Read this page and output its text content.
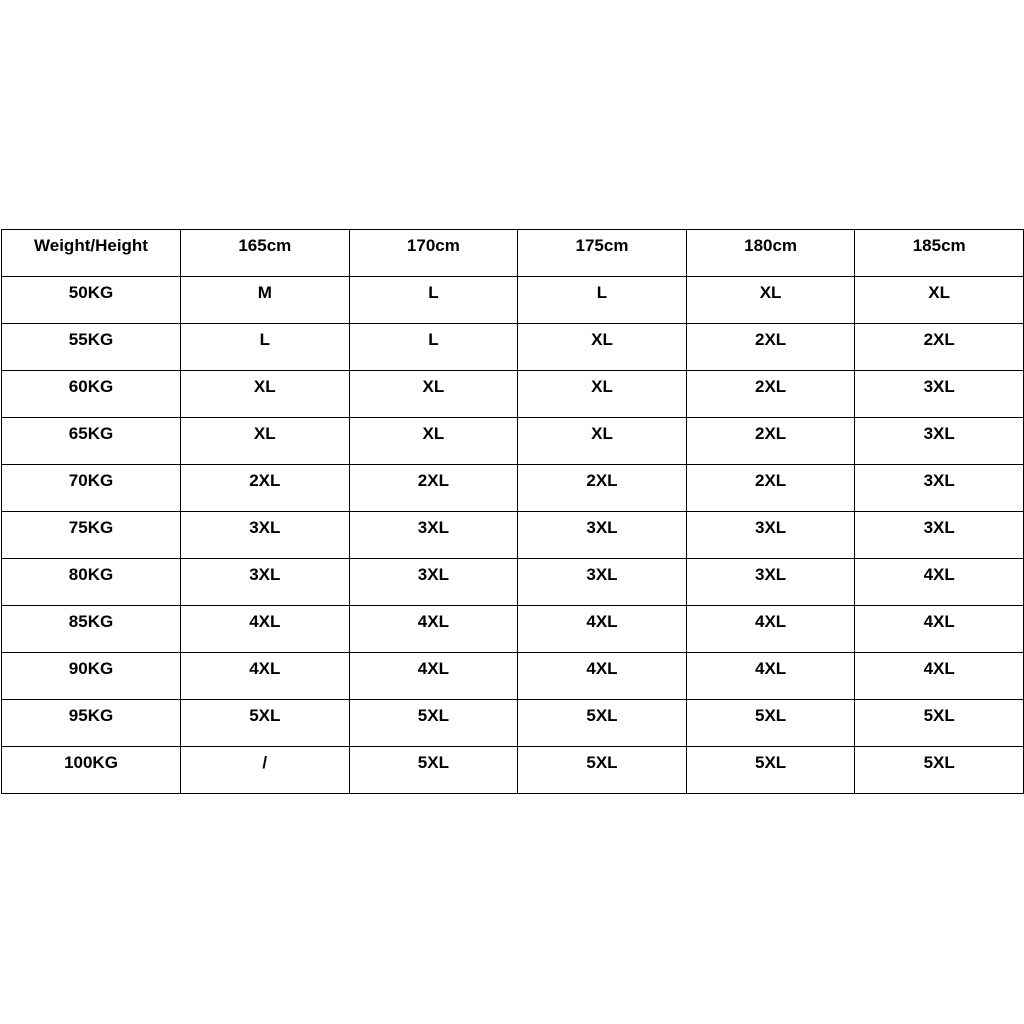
Weight/Height	165cm	170cm	175cm	180cm	185cm

50KG	M	L	L	XL	XL

55KG	L	L	XL	2XL	2XL

60KG	XL	XL	XL	2XL	3XL

65KG	XL	XL	XL	2XL	3XL

70KG	2XL	2XL	2XL	2XL	3XL

75KG	3XL	3XL	3XL	3XL	3XL

80KG	3XL	3XL	3XL	3XL	4XL

85KG	4XL	4XL	4XL	4XL	4XL

90KG	4XL	4XL	4XL	4XL	4XL

95KG	5XL	5XL	5XL	5XL	5XL

100KG	/	5XL	5XL	5XL	5XL
